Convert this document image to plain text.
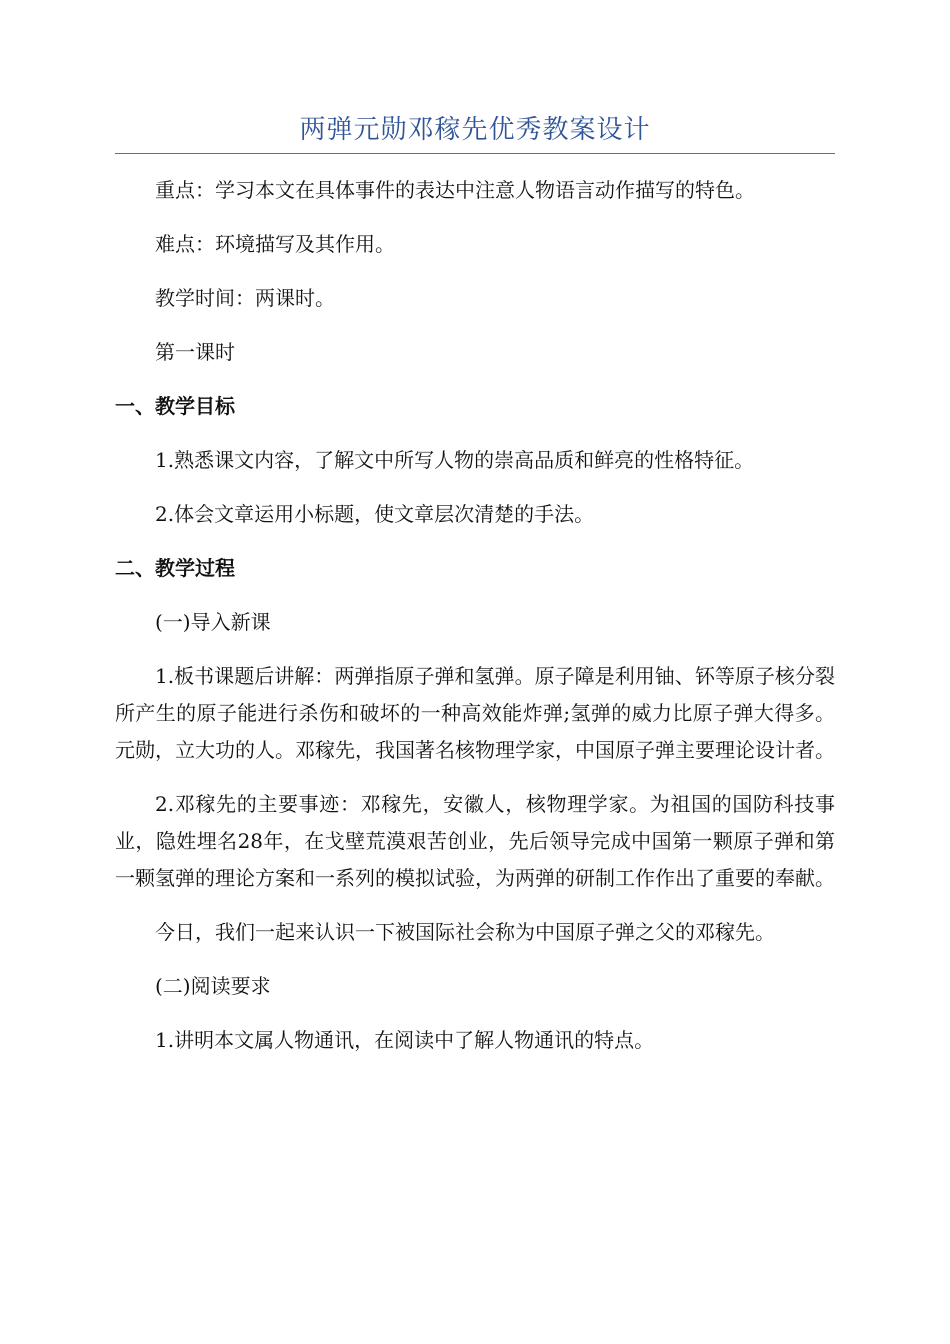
两弹元勋邓稼先优秀教案设计

重点：学习本文在具体事件的表达中注意人物语言动作描写的特色。

难点：环境描写及其作用。

教学时间：两课时。

第一课时

一、教学目标

1.熟悉课文内容，了解文中所写人物的崇高品质和鲜亮的性格特征。

2.体会文章运用小标题，使文章层次清楚的手法。

二、教学过程

(一)导入新课

1.板书课题后讲解：两弹指原子弹和氢弹。原子障是利用铀、钚等原子核分裂所产生的原子能进行杀伤和破坏的一种高效能炸弹;氢弹的威力比原子弹大得多。元勋，立大功的人。邓稼先，我国著名核物理学家，中国原子弹主要理论设计者。

2.邓稼先的主要事迹：邓稼先，安徽人，核物理学家。为祖国的国防科技事业，隐姓埋名28年，在戈壁荒漠艰苦创业，先后领导完成中国第一颗原子弹和第一颗氢弹的理论方案和一系列的模拟试验，为两弹的研制工作作出了重要的奉献。

今日，我们一起来认识一下被国际社会称为中国原子弹之父的邓稼先。

(二)阅读要求

1.讲明本文属人物通讯，在阅读中了解人物通讯的特点。
